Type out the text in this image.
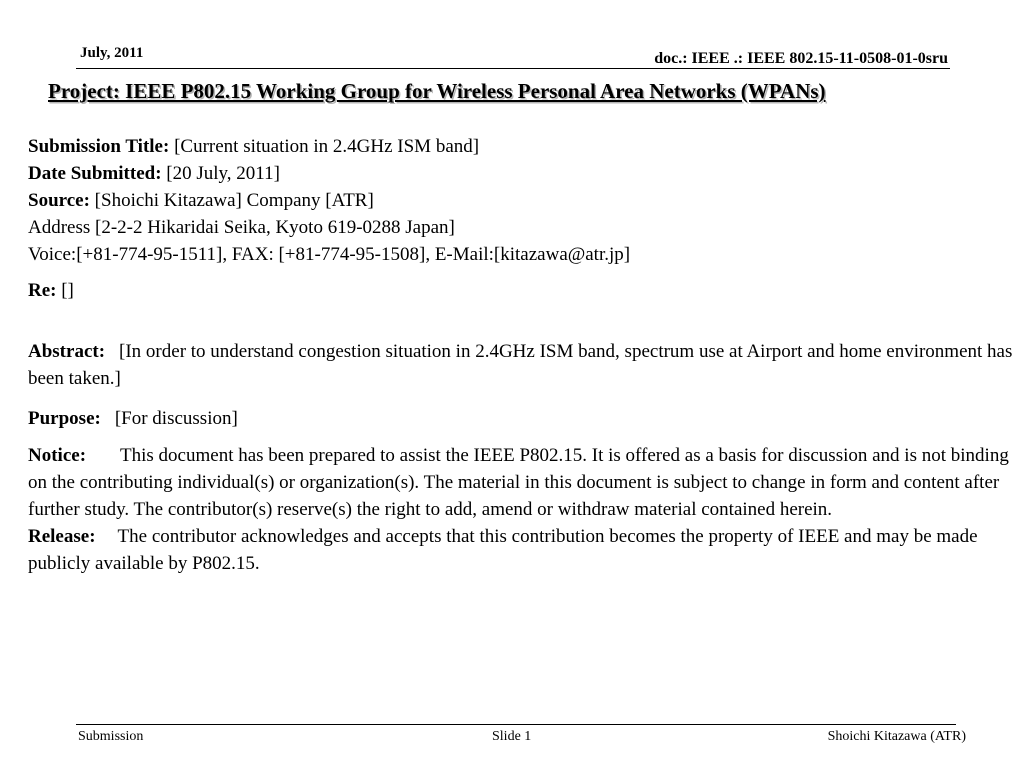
July, 2011	doc.: IEEE .: IEEE 802.15-11-0508-01-0sru
Project: IEEE P802.15 Working Group for Wireless Personal Area Networks (WPANs)
Submission Title: [Current situation in 2.4GHz ISM band]
Date Submitted: [20 July, 2011]
Source: [Shoichi Kitazawa] Company [ATR]
Address [2-2-2 Hikaridai Seika, Kyoto 619-0288 Japan]
Voice:[+81-774-95-1511], FAX: [+81-774-95-1508], E-Mail:[kitazawa@atr.jp]
Re: []
Abstract: [In order to understand congestion situation in 2.4GHz ISM band, spectrum use at Airport and home environment has been taken.]
Purpose: [For discussion]
Notice: This document has been prepared to assist the IEEE P802.15. It is offered as a basis for discussion and is not binding on the contributing individual(s) or organization(s). The material in this document is subject to change in form and content after further study. The contributor(s) reserve(s) the right to add, amend or withdraw material contained herein.
Release: The contributor acknowledges and accepts that this contribution becomes the property of IEEE and may be made publicly available by P802.15.
Submission	Slide 1	Shoichi Kitazawa (ATR)
